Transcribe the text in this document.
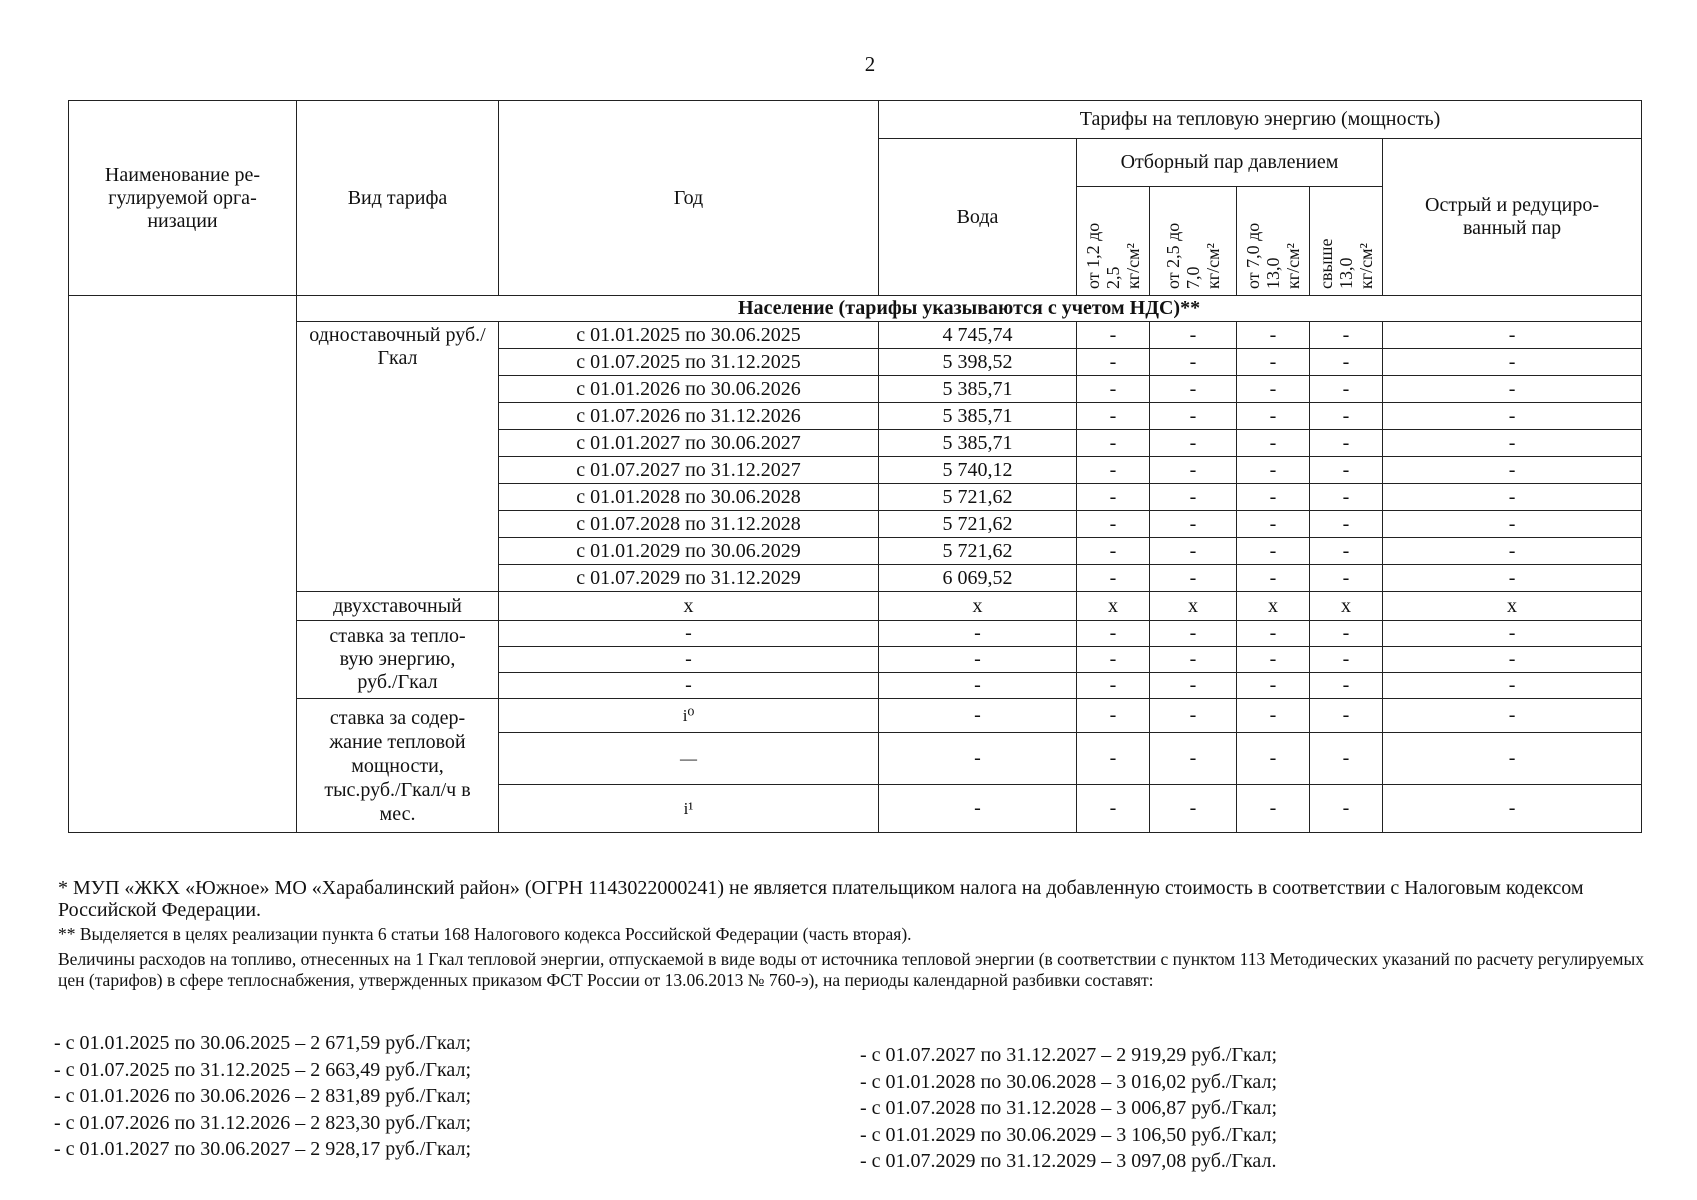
2
Наименование ре-
гулируемой орга-
низации	Вид тарифа	Год	Тарифы на тепловую энергию (мощность)					
			Вода	Отборный пар давлением				Острый и редуциро-
ванный пар
				от 1,2 до
2,5
кг/см²	от 2,5 до
7,0
кг/см²	от 7,0 до
13,0
кг/см²	свыше
13,0
кг/см²	
	Население (тарифы указываются с учетом НДС)**							
	одноставочный руб./Гкал	с 01.01.2025 по 30.06.2025	4 745,74	-	-	-	-	-
		с 01.07.2025 по 31.12.2025	5 398,52	-	-	-	-	-
		с 01.01.2026 по 30.06.2026	5 385,71	-	-	-	-	-
		с 01.07.2026 по 31.12.2026	5 385,71	-	-	-	-	-
		с 01.01.2027 по 30.06.2027	5 385,71	-	-	-	-	-
		с 01.07.2027 по 31.12.2027	5 740,12	-	-	-	-	-
		с 01.01.2028 по 30.06.2028	5 721,62	-	-	-	-	-
		с 01.07.2028 по 31.12.2028	5 721,62	-	-	-	-	-
		с 01.01.2029 по 30.06.2029	5 721,62	-	-	-	-	-
		с 01.07.2029 по 31.12.2029	6 069,52	-	-	-	-	-
	двухставочный	х	х	х	х	х	х	х
	ставка за тепло-
вую энергию,
руб./Гкал	-	-	-	-	-	-	-
		-	-	-	-	-	-	-
		-	-	-	-	-	-	-
	ставка за содер-
жание тепловой
мощности,
тыс.руб./Гкал/ч в
мес.	i⁰	-	-	-	-	-	-
		—	-	-	-	-	-	-
		i¹	-	-	-	-	-	-

* МУП «ЖКХ «Южное» МО «Харабалинский район» (ОГРН 1143022000241) не является плательщиком налога на добавленную стоимость в соответствии с Налоговым кодексом Российской Федерации.

** Выделяется в целях реализации пункта 6 статьи 168 Налогового кодекса Российской Федерации (часть вторая).

Величины расходов на топливо, отнесенных на 1 Гкал тепловой энергии, отпускаемой в виде воды от источника тепловой энергии (в соответствии с пунктом 113 Методических указаний по расчету регулируемых цен (тарифов) в сфере теплоснабжения, утвержденных приказом ФСТ России от 13.06.2013 № 760-э), на периоды календарной разбивки составят:

- с 01.01.2025 по 30.06.2025 – 2 671,59 руб./Гкал;
- с 01.07.2025 по 31.12.2025 – 2 663,49 руб./Гкал;
- с 01.01.2026 по 30.06.2026 – 2 831,89 руб./Гкал;
- с 01.07.2026 по 31.12.2026 – 2 823,30 руб./Гкал;
- с 01.01.2027 по 30.06.2027 – 2 928,17 руб./Гкал;
- с 01.07.2027 по 31.12.2027 – 2 919,29 руб./Гкал;
- с 01.01.2028 по 30.06.2028 – 3 016,02 руб./Гкал;
- с 01.07.2028 по 31.12.2028 – 3 006,87 руб./Гкал;
- с 01.01.2029 по 30.06.2029 – 3 106,50 руб./Гкал;
- с 01.07.2029 по 31.12.2029 – 3 097,08 руб./Гкал.
